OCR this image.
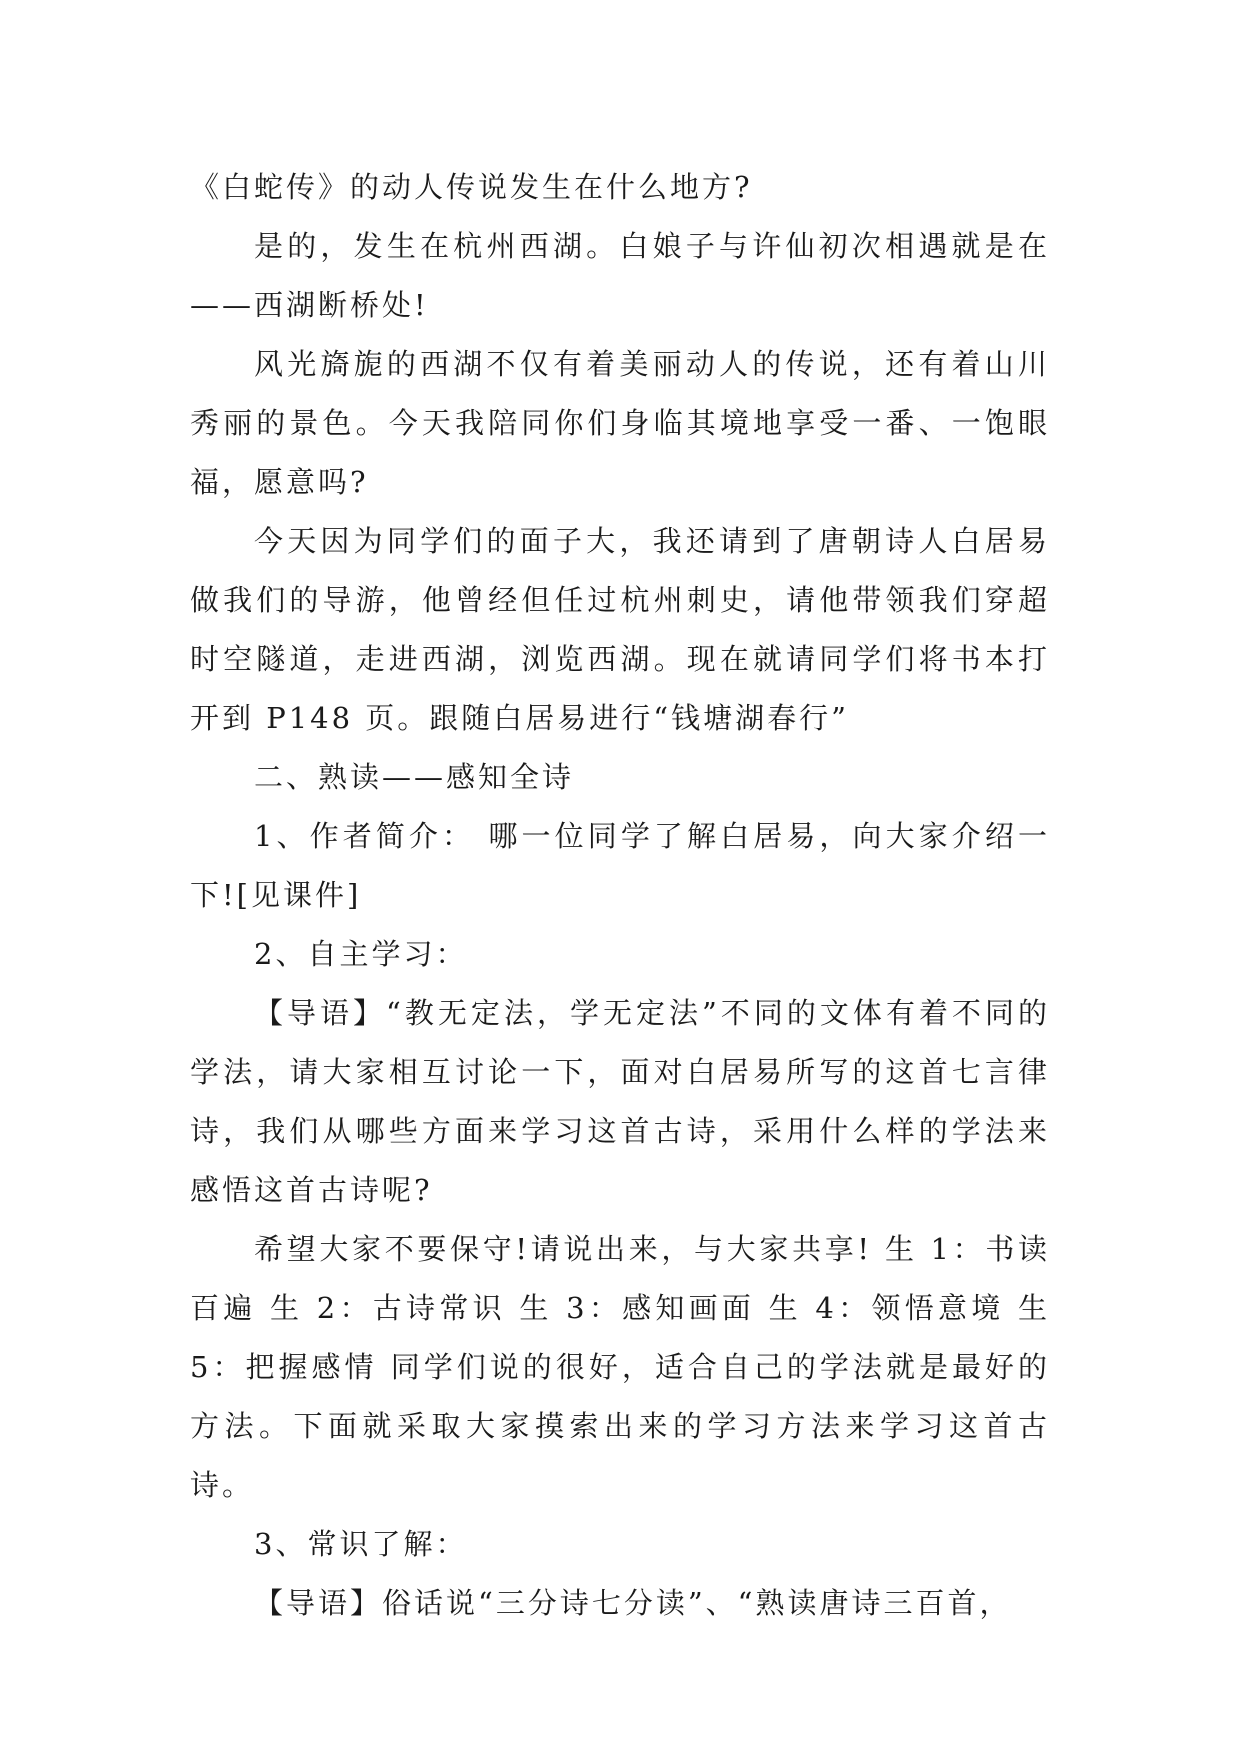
《白蛇传》的动人传说发生在什么地方?

是的，发生在杭州西湖。白娘子与许仙初次相遇就是在——西湖断桥处!

风光旖旎的西湖不仅有着美丽动人的传说，还有着山川秀丽的景色。今天我陪同你们身临其境地享受一番、一饱眼福，愿意吗?

今天因为同学们的面子大，我还请到了唐朝诗人白居易做我们的导游，他曾经但任过杭州刺史，请他带领我们穿超时空隧道，走进西湖，浏览西湖。现在就请同学们将书本打开到 P148 页。跟随白居易进行“钱塘湖春行”

二、熟读——感知全诗

1、作者简介： 哪一位同学了解白居易，向大家介绍一下![见课件]

2、自主学习：

【导语】“教无定法，学无定法”不同的文体有着不同的学法，请大家相互讨论一下，面对白居易所写的这首七言律诗，我们从哪些方面来学习这首古诗，采用什么样的学法来感悟这首古诗呢?

希望大家不要保守!请说出来，与大家共享! 生 1：书读百遍 生 2：古诗常识 生 3：感知画面 生 4：领悟意境 生 5：把握感情 同学们说的很好，适合自己的学法就是最好的方法。下面就采取大家摸索出来的学习方法来学习这首古诗。

3、常识了解：

【导语】俗话说“三分诗七分读”、“熟读唐诗三百首，
